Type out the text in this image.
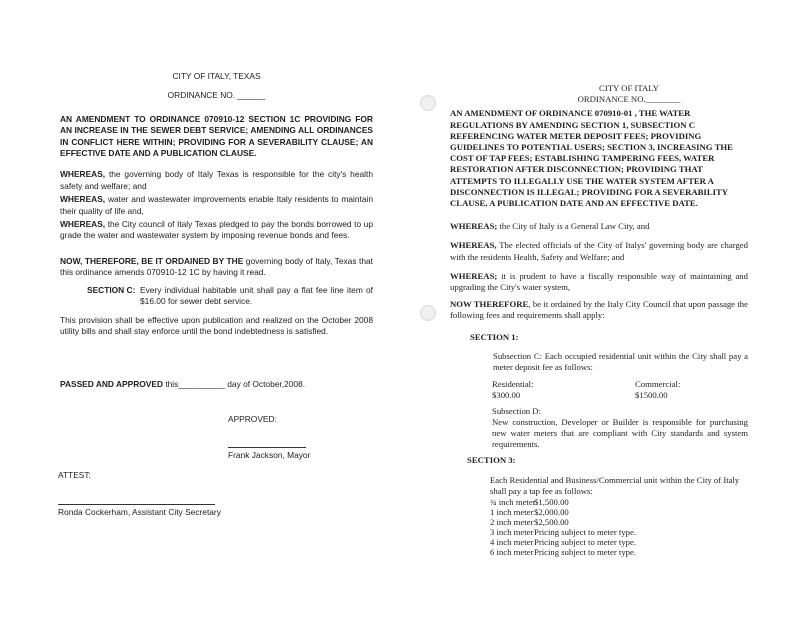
CITY OF ITALY, TEXAS
ORDINANCE NO. ______
AN AMENDMENT TO ORDINANCE 070910-12 SECTION 1C PROVIDING FOR AN INCREASE IN THE SEWER DEBT SERVICE; AMENDING ALL ORDINANCES IN CONFLICT HERE WITHIN; PROVIDING FOR A SEVERABILITY CLAUSE; AN EFFECTIVE DATE AND A PUBLICATION CLAUSE.
WHEREAS, the governing body of Italy Texas is responsible for the city's health safety and welfare; and
WHEREAS, water and wastewater improvements enable Italy residents to maintain their quality of life and,
WHEREAS, the City council of Italy Texas pledged to pay the bonds borrowed to up grade the water and wastewater system by imposing revenue bonds and fees.
NOW, THEREFORE, BE IT ORDAINED BY THE governing body of Italy, Texas that this ordinance amends 070910-12 1C by having it read.
SECTION C: Every individual habitable unit shall pay a flat fee line item of $16.00 for sewer debt service.
This provision shall be effective upon publication and realized on the October 2008 utility bills and shall stay enforce until the bond indebtedness is satisfied.
PASSED AND APPROVED this__________ day of October,2008.
APPROVED:
Frank Jackson, Mayor
ATTEST:
Ronda Cockerham, Assistant City Secretary
CITY OF ITALY
ORDINANCE NO.________
AN AMENDMENT OF ORDINANCE 070910-01 , THE WATER REGULATIONS BY AMENDING SECTION 1, SUBSECTION C REFERENCING WATER METER DEPOSIT FEES; PROVIDING GUIDELINES TO POTENTIAL USERS; SECTION 3, INCREASING THE COST OF TAP FEES; ESTABLISHING TAMPERING FEES, WATER RESTORATION AFTER DISCONNECTION; PROVIDING THAT ATTEMPTS TO ILLEGALLY USE THE WATER SYSTEM AFTER A DISCONNECTION IS ILLEGAL; PROVIDING FOR A SEVERABILITY CLAUSE, A PUBLICATION DATE AND AN EFFECTIVE DATE.
WHEREAS; the City of Italy is a General Law City, and
WHEREAS, The elected officials of the City of Italys' governing body are charged with the residents Health, Safety and Welfare; and
WHEREAS; it is prudent to have a fiscally responsible way of maintaining and upgrading the City's water system,
NOW THEREFORE, be it ordained by the Italy City Council that upon passage the following fees and requirements shall apply:
SECTION 1:
Subsection C: Each occupied residential unit within the City shall pay a meter deposit fee as follows:
Residential:
$300.00
Commercial:
$1500.00
Subsection D:
New construction, Developer or Builder is responsible for purchasing new water meters that are compliant with City standards and system requirements.
SECTION 3:
Each Residential and Business/Commercial unit within the City of Italy shall pay a tap fee as follows:
¾ inch meter$1,500.00
1 inch meter$2,000.00
2 inch meter$2,500.00
3 inch meterPricing subject to meter type.
4 inch meterPricing subject to meter type.
6 inch meterPricing subject to meter type.
